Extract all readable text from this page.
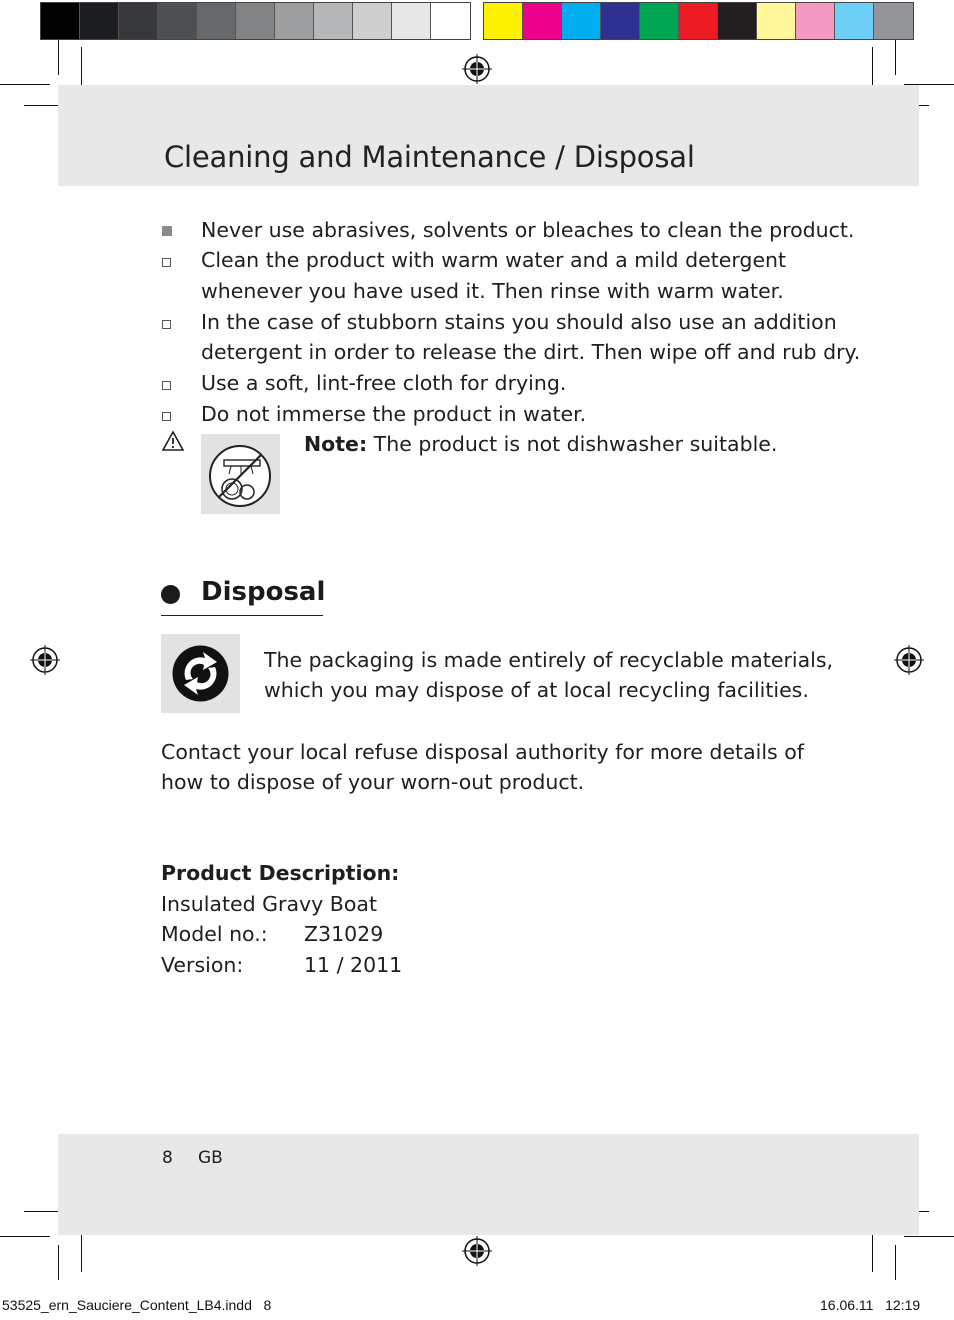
Cleaning and Maintenance / Disposal
Never use abrasives, solvents or bleaches to clean the product.
Clean the product with warm water and a mild detergent
whenever you have used it. Then rinse with warm water.
In the case of stubborn stains you should also use an addition
detergent in order to release the dirt. Then wipe off and rub dry.
Use a soft, lint-free cloth for drying.
Do not immerse the product in water.
Note: The product is not dishwasher suitable.
Disposal
The packaging is made entirely of recyclable materials,
which you may dispose of at local recycling facilities.
Contact your local refuse disposal authority for more details of
how to dispose of your worn-out product.
Product Description:
Insulated Gravy Boat
Model no.: Z31029
Version:	11 / 2011
8 GB
53525_ern_Sauciere_Content_LB4.indd   8	16.06.11   12:19
